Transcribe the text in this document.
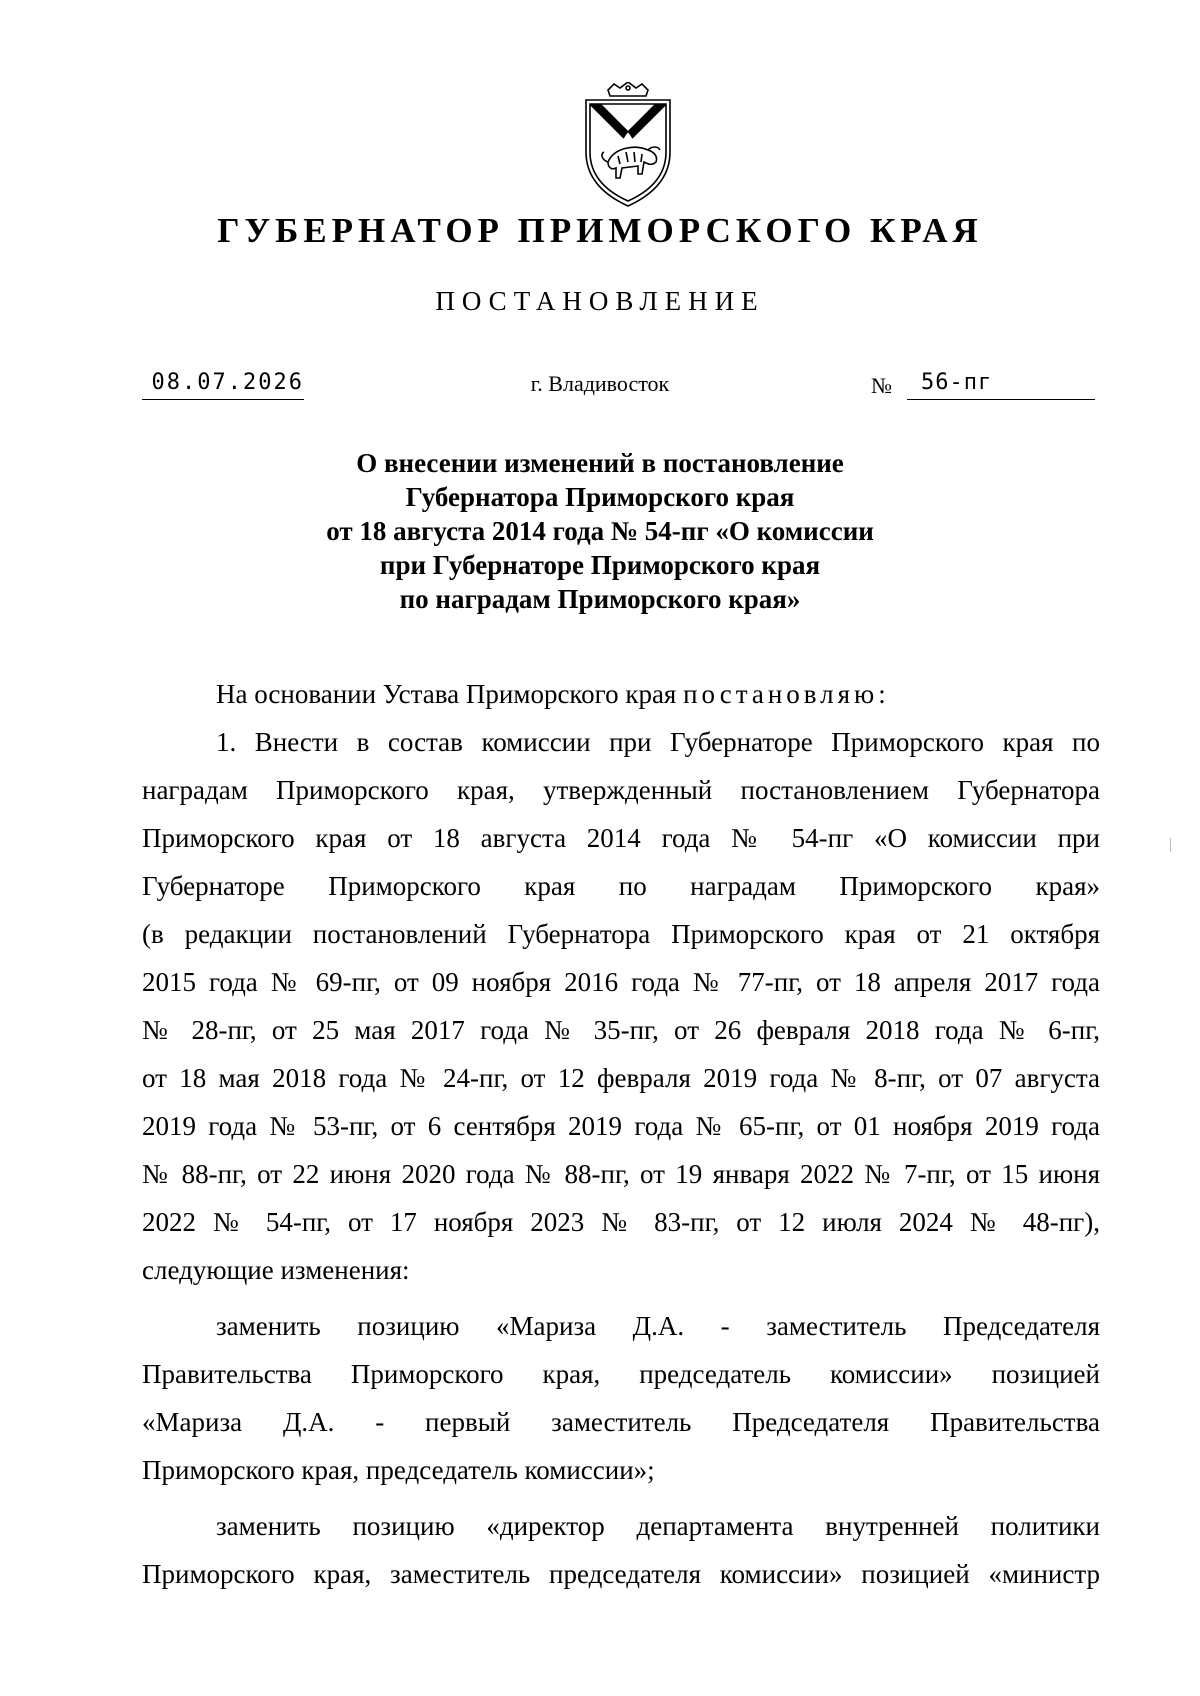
ГУБЕРНАТОР ПРИМОРСКОГО КРАЯ
ПОСТАНОВЛЕНИЕ
08.07.2026	г. Владивосток	№ 56-пг
О внесении изменений в постановление
Губернатора Приморского края
от 18 августа 2014 года № 54-пг «О комиссии
при Губернаторе Приморского края
по наградам Приморского края»
На основании Устава Приморского края постановляю:
1. Внести в состав комиссии при Губернаторе Приморского края по
наградам Приморского края, утвержденный постановлением Губернатора
Приморского края от 18 августа 2014 года № 54-пг «О комиссии при
Губернаторе Приморского края по наградам Приморского края»
(в редакции постановлений Губернатора Приморского края от 21 октября
2015 года № 69-пг, от 09 ноября 2016 года № 77-пг, от 18 апреля 2017 года
№ 28-пг, от 25 мая 2017 года № 35-пг, от 26 февраля 2018 года № 6-пг,
от 18 мая 2018 года № 24-пг, от 12 февраля 2019 года № 8-пг, от 07 августа
2019 года № 53-пг, от 6 сентября 2019 года № 65-пг, от 01 ноября 2019 года
№ 88-пг, от 22 июня 2020 года № 88-пг, от 19 января 2022 № 7-пг, от 15 июня
2022 № 54-пг, от 17 ноября 2023 № 83-пг, от 12 июля 2024 № 48-пг),
следующие изменения:
заменить позицию «Мариза Д.А. - заместитель Председателя
Правительства Приморского края, председатель комиссии» позицией
«Мариза Д.А. - первый заместитель Председателя Правительства
Приморского края, председатель комиссии»;
заменить позицию «директор департамента внутренней политики
Приморского края, заместитель председателя комиссии» позицией «министр
